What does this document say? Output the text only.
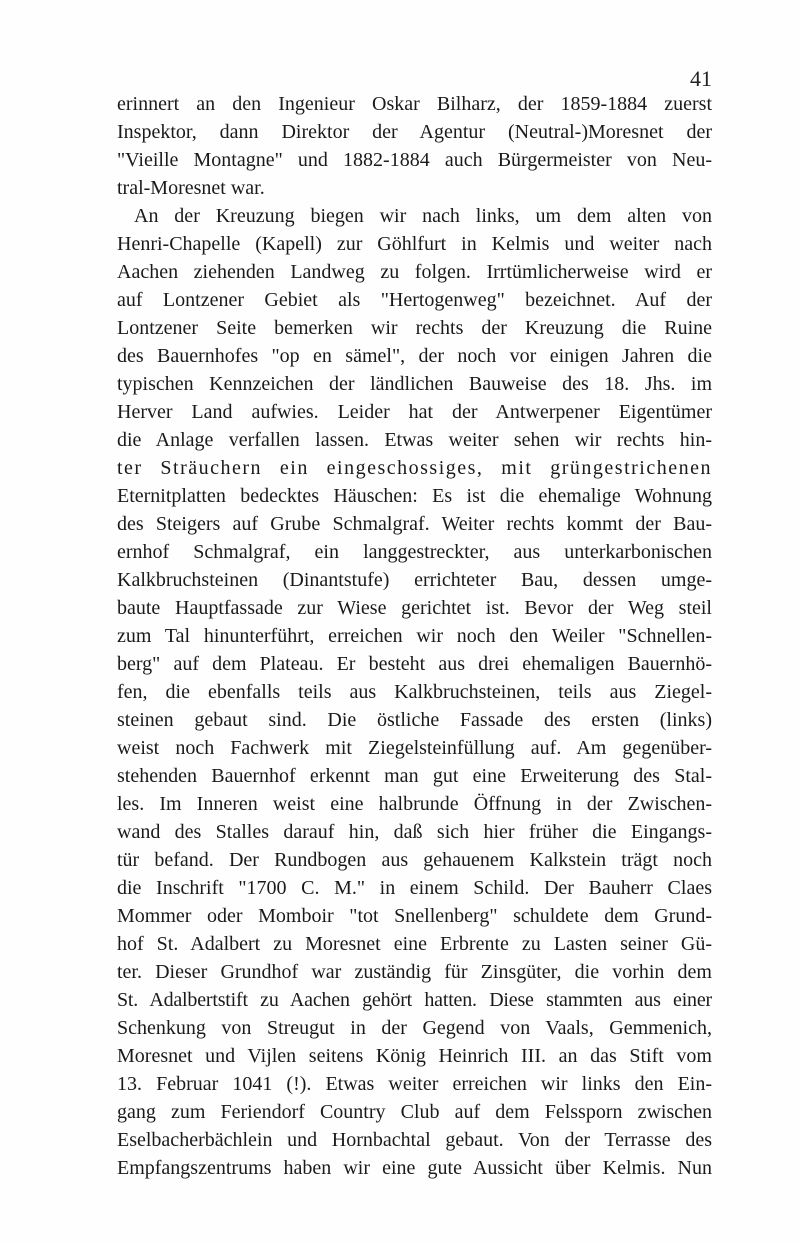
41
erinnert an den Ingenieur Oskar Bilharz, der 1859-1884 zuerst
Inspektor, dann Direktor der Agentur (Neutral-)Moresnet der
"Vieille Montagne" und 1882-1884 auch Bürgermeister von Neu-
tral-Moresnet war.
An der Kreuzung biegen wir nach links, um dem alten von
Henri-Chapelle (Kapell) zur Göhlfurt in Kelmis und weiter nach
Aachen ziehenden Landweg zu folgen. Irrtümlicherweise wird er
auf Lontzener Gebiet als "Hertogenweg" bezeichnet. Auf der
Lontzener Seite bemerken wir rechts der Kreuzung die Ruine
des Bauernhofes "op en sämel", der noch vor einigen Jahren die
typischen Kennzeichen der ländlichen Bauweise des 18. Jhs. im
Herver Land aufwies. Leider hat der Antwerpener Eigentümer
die Anlage verfallen lassen. Etwas weiter sehen wir rechts hin-
ter Sträuchern ein eingeschossiges, mit grüngestrichenen
Eternitplatten bedecktes Häuschen: Es ist die ehemalige Wohnung
des Steigers auf Grube Schmalgraf. Weiter rechts kommt der Bau-
ernhof Schmalgraf, ein langgestreckter, aus unterkarbonischen
Kalkbruchsteinen (Dinantstufe) errichteter Bau, dessen umge-
baute Hauptfassade zur Wiese gerichtet ist. Bevor der Weg steil
zum Tal hinunterführt, erreichen wir noch den Weiler "Schnellen-
berg" auf dem Plateau. Er besteht aus drei ehemaligen Bauernhö-
fen, die ebenfalls teils aus Kalkbruchsteinen, teils aus Ziegel-
steinen gebaut sind. Die östliche Fassade des ersten (links)
weist noch Fachwerk mit Ziegelsteinfüllung auf. Am gegenüber-
stehenden Bauernhof erkennt man gut eine Erweiterung des Stal-
les. Im Inneren weist eine halbrunde Öffnung in der Zwischen-
wand des Stalles darauf hin, daß sich hier früher die Eingangs-
tür befand. Der Rundbogen aus gehauenem Kalkstein trägt noch
die Inschrift "1700 C. M." in einem Schild. Der Bauherr Claes
Mommer oder Momboir "tot Snellenberg" schuldete dem Grund-
hof St. Adalbert zu Moresnet eine Erbrente zu Lasten seiner Gü-
ter. Dieser Grundhof war zuständig für Zinsgüter, die vorhin dem
St. Adalbertstift zu Aachen gehört hatten. Diese stammten aus einer
Schenkung von Streugut in der Gegend von Vaals, Gemmenich,
Moresnet und Vijlen seitens König Heinrich III. an das Stift vom
13. Februar 1041 (!). Etwas weiter erreichen wir links den Ein-
gang zum Feriendorf Country Club auf dem Felssporn zwischen
Eselbacherbächlein und Hornbachtal gebaut. Von der Terrasse des
Empfangszentrums haben wir eine gute Aussicht über Kelmis. Nun
